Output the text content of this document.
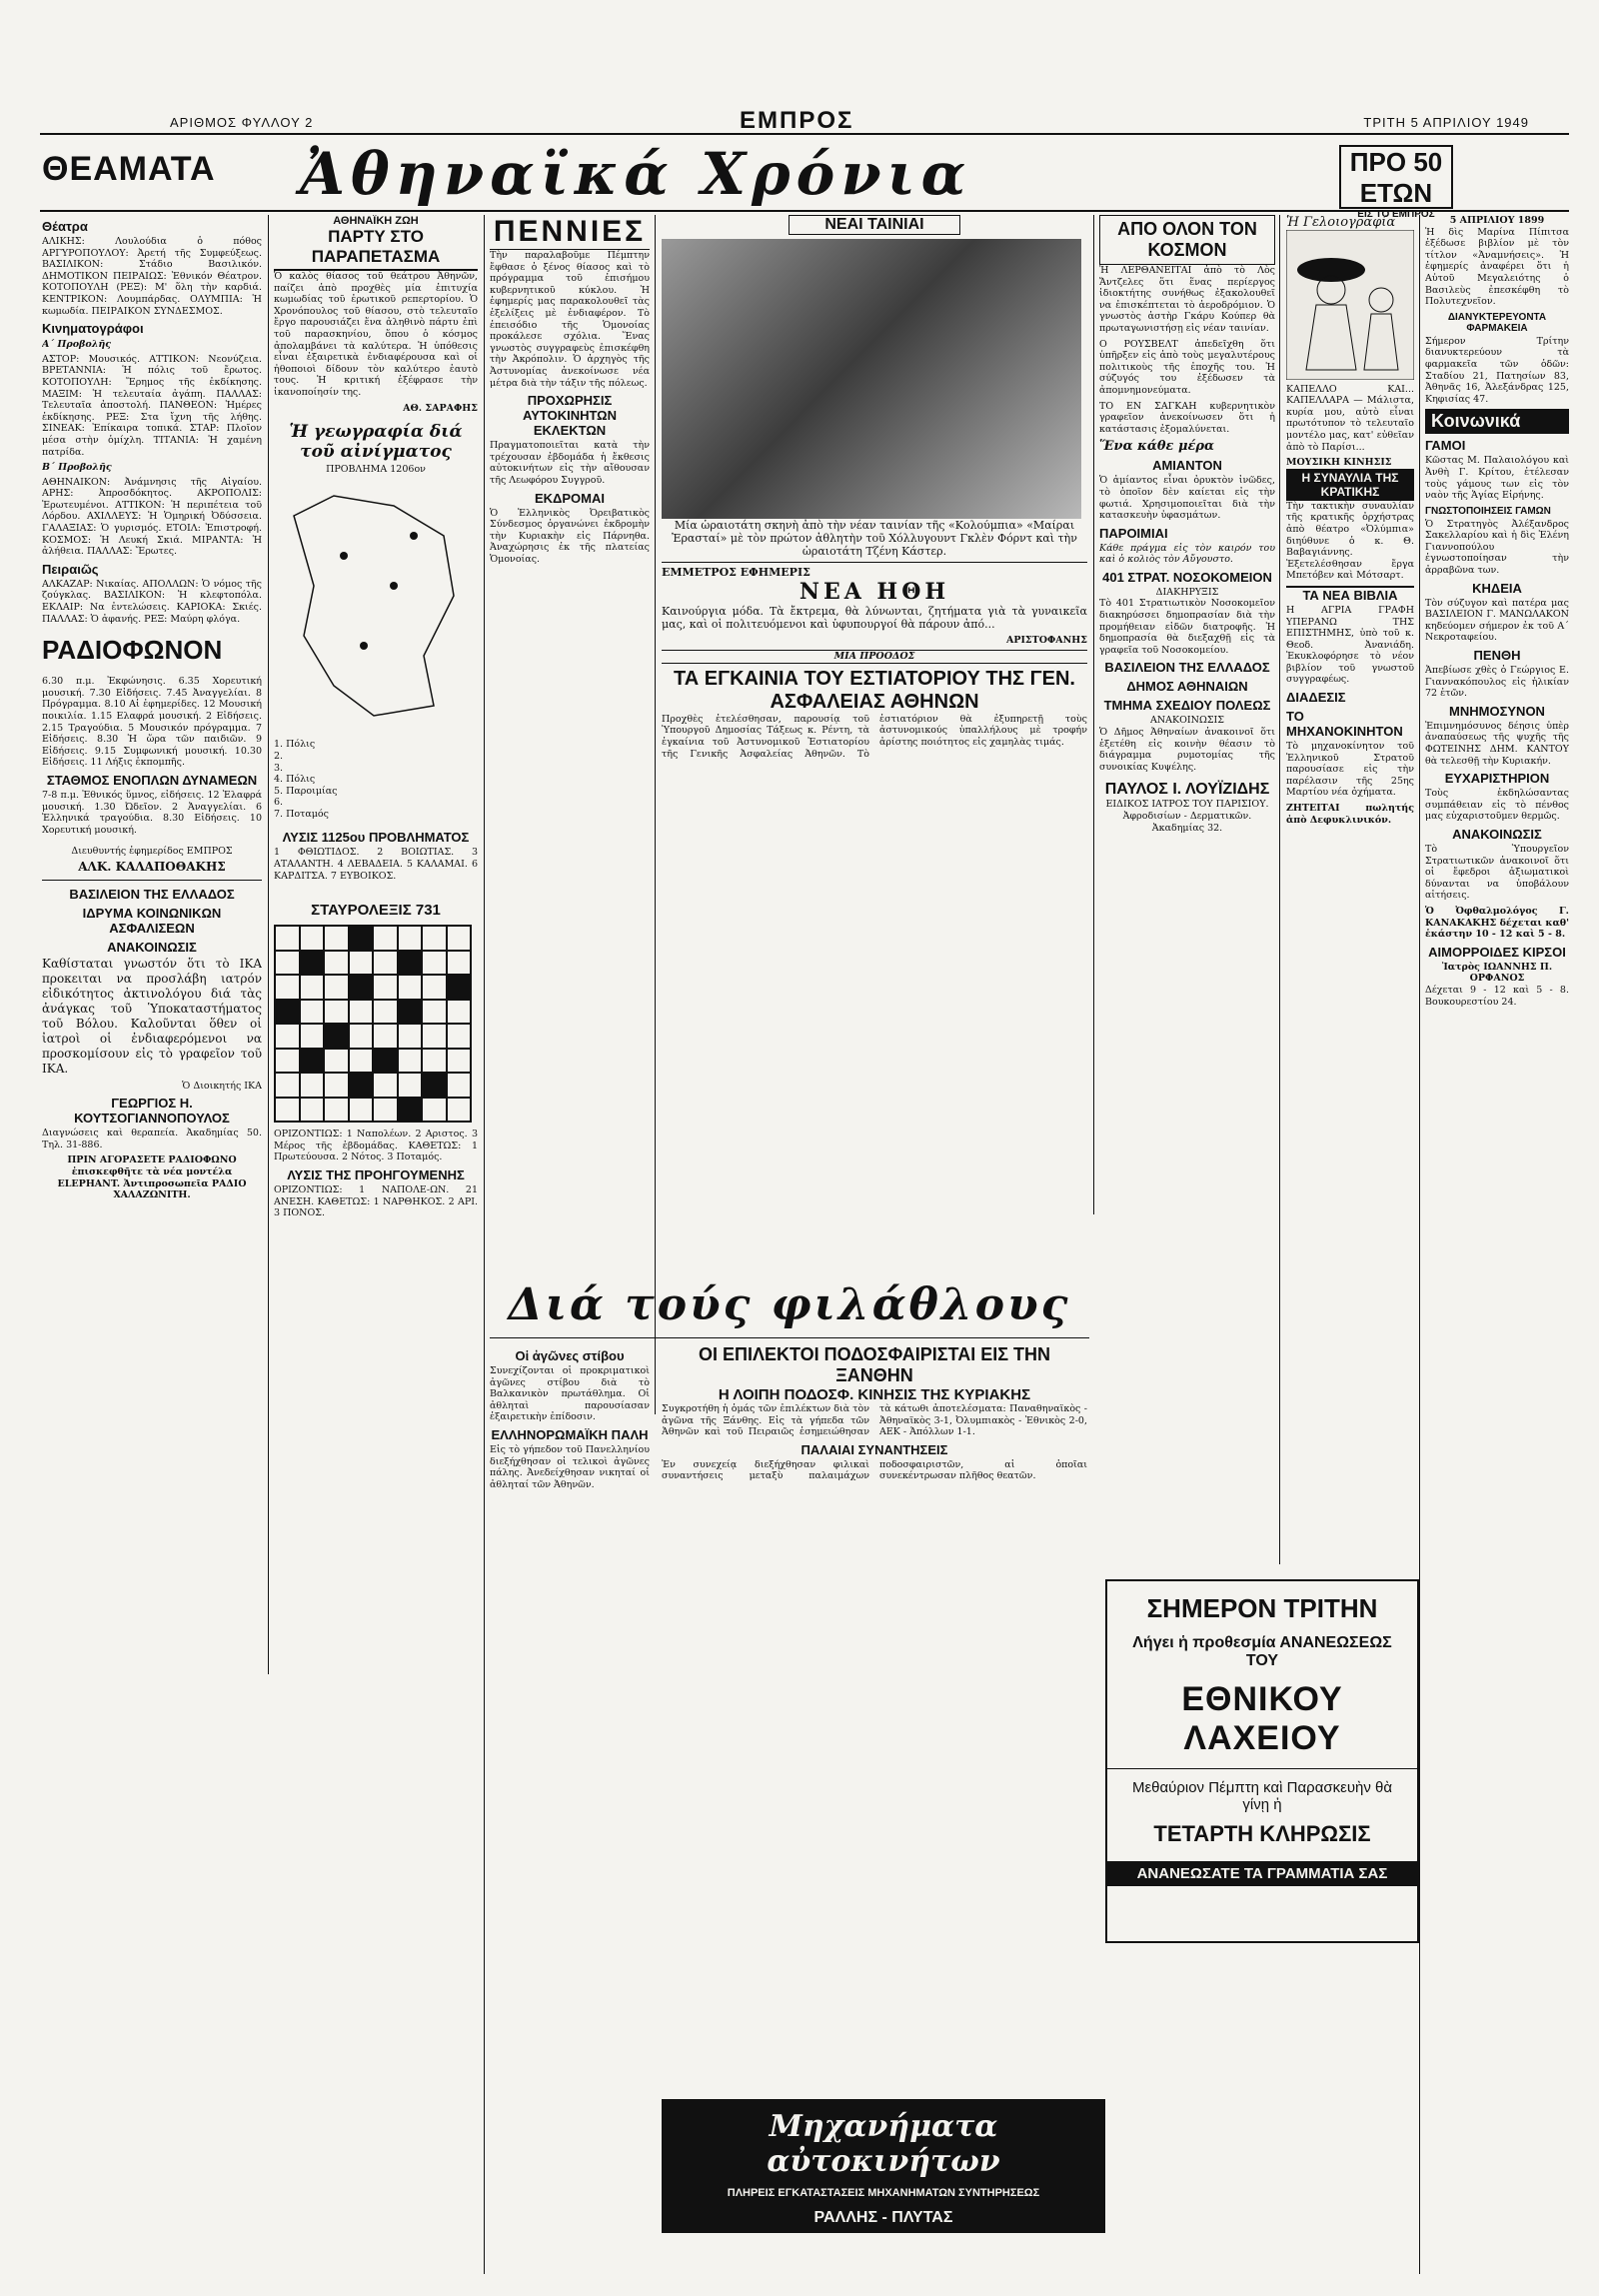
ΑΡΙΘΜΟΣ ΦΥΛΛΟΥ 2	ΕΜΠΡΟΣ	ΤΡΙΤΗ 5 ΑΠΡΙΛΙΟΥ 1949
ΘΕΑΜΑΤΑ Ἀθηναϊκά Χρόνια	ΠΡΟ 50 ΕΤΩΝ
ΕΙΣ ΤΟ ΕΜΠΡΟΣ
Θέατρα

ΑΛΙΚΗΣ: Λουλούδια ὁ πόθος ΑΡΓΥΡΟΠΟΥΛΟΥ: Ἀρετή τῆς Συμφεύξεως. ΒΑΣΙΛΙΚΟΝ: Στάδιο Βασιλικόν. ΔΗΜΟΤΙΚΟΝ ΠΕΙΡΑΙΩΣ: Ἐθνικόν Θέατρον. ΚΟΤΟΠΟΥΛΗ (ΡΕΞ): Μ' ὅλη τὴν καρδιά. ΚΕΝΤΡΙΚΟΝ: Λουμπάρδας. ΟΛΥΜΠΙΑ: Ἡ κωμωδία. ΠΕΙΡΑΙΚΟΝ ΣΥΝΔΕΣΜΟΣ.

Κινηματογράφοι
Α΄ Προβολῆς

ΑΣΤΟΡ: Μουσικός. ΑΤΤΙΚΟΝ: Νεονύζεια. ΒΡΕΤΑΝΝΙΑ: Ἡ πόλις τοῦ ἔρωτος. ΚΟΤΟΠΟΥΛΗ: Ἔρημος τῆς ἐκδίκησης. ΜΑΞΙΜ: Ἡ τελευταία ἀγάπη. ΠΑΛΛΑΣ: Τελευταῖα ἀποστολή. ΠΑΝΘΕΟΝ: Ἡμέρες ἐκδίκησης. ΡΕΞ: Στα ἴχνη τῆς λήθης. ΣΙΝΕΑΚ: Ἐπίκαιρα τοπικά. ΣΤΑΡ: Πλοῖον μέσα στὴν ὁμίχλη. ΤΙΤΑΝΙΑ: Ἡ χαμένη πατρίδα.

Β΄ Προβολῆς

ΑΘΗΝΑΙΚΟΝ: Ἀνάμνησις τῆς Αἰγαίου. ΑΡΗΣ: Ἀπροσδόκητος. ΑΚΡΟΠΟΛΙΣ: Ἐρωτευμένοι. ΑΤΤΙΚΟΝ: Ἡ περιπέτεια τοῦ Λόρδου. ΑΧΙΛΛΕΥΣ: Ἡ Ὁμηρική Ὀδύσσεια. ΓΑΛΑΞΙΑΣ: Ὁ γυρισμός. ΕΤΟΙΛ: Ἐπιστροφή. ΚΟΣΜΟΣ: Ἡ Λευκή Σκιά. ΜΙΡΑΝΤΑ: Ἡ ἀλήθεια. ΠΑΛΛΑΣ: Ἔρωτες.

Πειραιῶς

ΑΛΚΑΖΑΡ: Νικαίας. ΑΠΟΛΛΩΝ: Ὁ νόμος τῆς ζούγκλας. ΒΑΣΙΛΙΚΟΝ: Ἡ κλεφτοπόλα. ΕΚΛΑΙΡ: Να ἐντελώσεις. ΚΑΡΙΟΚΑ: Σκιές. ΠΑΛΛΑΣ: Ὁ ἀφανής. ΡΕΞ: Μαύρη φλόγα.

ΡΑΔΙΟΦΩΝΟΝ

6.30 π.μ. Ἐκφώνησις. 6.35 Χορευτική μουσική. 7.30 Εἰδήσεις. 7.45 Ἀναγγελίαι. 8 Πρόγραμμα. 8.10 Αἱ ἐφημερίδες. 12 Μουσική ποικιλία. 1.15 Ελαφρά μουσική. 2 Εἰδήσεις. 2.15 Τραγούδια. 5 Μουσικόν πρόγραμμα. 7 Εἰδήσεις. 8.30 Ἡ ὥρα τῶν παιδιῶν. 9 Εἰδήσεις. 9.15 Συμφωνική μουσική. 10.30 Εἰδήσεις. 11 Λήξις ἐκπομπῆς.

ΣΤΑΘΜΟΣ ΕΝΟΠΛΩΝ ΔΥΝΑΜΕΩΝ

7-8 π.μ. Ἐθνικός ὕμνος, εἰδήσεις. 12 Ἐλαφρά μουσική. 1.30 Ὠδεῖον. 2 Ἀναγγελίαι. 6 Ἑλληνικά τραγούδια. 8.30 Εἰδήσεις. 10 Χορευτική μουσική.

Διευθυντής ἐφημερίδος ΕΜΠΡΟΣ

ΑΛΚ. ΚΑΛΑΠΟΘΑΚΗΣ

ΒΑΣΙΛΕΙΟΝ ΤΗΣ ΕΛΛΑΔΟΣ
ΙΔΡΥΜΑ ΚΟΙΝΩΝΙΚΩΝ ΑΣΦΑΛΙΣΕΩΝ
ΑΝΑΚΟΙΝΩΣΙΣ

Καθίσταται γνωστόν ὅτι τὸ ΙΚΑ προκειται να προσλάβη ιατρόν εἰδικότητος ἀκτινολόγου διά τὰς ἀνάγκας τοῦ Ὑποκαταστήματος τοῦ Βόλου. Καλοῦνται ὅθεν οἱ ἰατροὶ οἱ ἐνδιαφερόμενοι να προσκομίσουν εἰς τὸ γραφεῖον τοῦ ΙΚΑ.

Ὁ Διοικητής ΙΚΑ

ΓΕΩΡΓΙΟΣ Η. ΚΟΥΤΣΟΓΙΑΝΝΟΠΟΥΛΟΣ

Διαγνώσεις καὶ θεραπεία. Ἀκαδημίας 50. Τηλ. 31-886.

ΠΡΙΝ ΑΓΟΡΑΣΕΤΕ ΡΑΔΙΟΦΩΝΟ ἐπισκεφθῆτε τὰ νέα μοντέλα ELEPHANT. Ἀντιπροσωπεῖα ΡΑΔΙΟ ΧΑΛΑΖΩΝΙΤΗ.

ΑΘΗΝΑΪΚΗ ΖΩΗ
ΠΑΡΤΥ ΣΤΟ ΠΑΡΑΠΕΤΑΣΜΑ

Ὁ καλὸς θίασος τοῦ θεάτρου Ἀθηνῶν, παίζει ἀπὸ προχθὲς μία ἐπιτυχία κωμωδίας τοῦ ἐρωτικοῦ ρεπερτορίου. Ὁ Χρονόπουλος τοῦ θίασου, στὸ τελευταῖο ἔργο παρουσιάζει ἕνα ἀληθινὸ πάρτυ ἐπὶ τοῦ παρασκηνίου, ὅπου ὁ κόσμος ἀπολαμβάνει τὰ καλύτερα. Ἡ ὑπόθεσις εἶναι ἐξαιρετικὰ ἐνδιαφέρουσα καὶ οἱ ἠθοποιοὶ δίδουν τὸν καλύτερο ἑαυτὸ τους. Ἡ κριτική ἐξέφρασε τὴν ἱκανοποίησίν της.

ΑΘ. ΣΑΡΑΦΗΣ

Ἡ γεωγραφία διά τοῦ αἰνίγματος
ΠΡΟΒΛΗΜΑ 1206ον
1. Πόλις
2.
3.
4. Πόλις
5. Παροιμίας
6.
7. Ποταμός
ΛΥΣΙΣ 1125ου ΠΡΟΒΛΗΜΑΤΟΣ

1 ΦΘΙΩΤΙΔΟΣ. 2 ΒΟΙΩΤΙΑΣ. 3 ΑΤΑΛΑΝΤΗ. 4 ΛΕΒΑΔΕΙΑ. 5 ΚΑΛΑΜΑΙ. 6 ΚΑΡΔΙΤΣΑ. 7 ΕΥΒΟΙΚΟΣ.

ΣΤΑΥΡΟΛΕΞΙΣ 731

ΟΡΙΖΟΝΤΙΩΣ: 1 Ναπολέων. 2 Αριστος. 3 Μέρος τῆς ἑβδομάδας. ΚΑΘΕΤΩΣ: 1 Πρωτεύουσα. 2 Νότος. 3 Ποταμός.

ΛΥΣΙΣ ΤΗΣ ΠΡΟΗΓΟΥΜΕΝΗΣ

ΟΡΙΖΟΝΤΙΩΣ: 1 ΝΑΠΟΛΕ-ΩΝ. 21 ΑΝΕΣΗ. ΚΑΘΕΤΩΣ: 1 ΝΑΡΘΗΚΟΣ. 2 ΑΡΙ. 3 ΠΟΝΟΣ.

ΠΕΝΝΙΕΣ

Τὴν παραλαβοῦμε Πέμπτην ἔφθασε ὁ ξένος θίασος καὶ τὸ πρόγραμμα τοῦ ἐπισήμου κυβερνητικοῦ κύκλου. Ἡ ἐφημερίς μας παρακολουθεῖ τὰς ἐξελίξεις μὲ ἐνδιαφέρον. Τὸ ἐπεισόδιο τῆς Ὁμονοίας προκάλεσε σχόλια. Ἕνας γνωστὸς συγγραφεὺς ἐπισκέφθη τὴν Ἀκρόπολιν. Ὁ ἀρχηγὸς τῆς Ἀστυνομίας ἀνεκοίνωσε νέα μέτρα διὰ τὴν τάξιν τῆς πόλεως.

ΠΡΟΧΩΡΗΣΙΣ ΑΥΤΟΚΙΝΗΤΩΝ ΕΚΛΕΚΤΩΝ

Πραγματοποιεῖται κατὰ τὴν τρέχουσαν ἑβδομάδα ἡ ἔκθεσις αὐτοκινήτων εἰς τὴν αἴθουσαν τῆς Λεωφόρου Συγγροῦ.

ΕΚΔΡΟΜΑΙ

Ὁ Ἑλληνικὸς Ὀρειβατικὸς Σύνδεσμος ὀργανώνει ἐκδρομὴν τὴν Κυριακὴν εἰς Πάρνηθα. Ἀναχώρησις ἐκ τῆς πλατείας Ὁμονοίας.

Διά τούς φιλάθλους
Οἱ ἀγῶνες στίβου

Συνεχίζονται οἱ προκριματικοὶ ἀγῶνες στίβου διὰ τὸ Βαλκανικὸν πρωτάθλημα. Οἱ ἀθληταὶ παρουσίασαν ἐξαιρετικὴν ἐπίδοσιν.

ΕΛΛΗΝΟΡΩΜΑΪΚΗ ΠΑΛΗ

Εἰς τὸ γήπεδον τοῦ Πανελληνίου διεξήχθησαν οἱ τελικοὶ ἀγῶνες πάλης. Ἀνεδείχθησαν νικηταί οἱ ἀθληταί τῶν Ἀθηνῶν.

ΝΕΑΙ ΤΑΙΝΙΑΙ

Μία ὡραιοτάτη σκηνὴ ἀπὸ τὴν νέαν ταινίαν τῆς «Κολούμπια» «Μαίραι Ἐρασταί» μὲ τὸν πρώτον ἀθλητὴν τοῦ Χόλλυγουντ Γκλὲν Φόρντ καὶ τὴν ὡραιοτάτη Τζένη Κάστερ.

ΕΜΜΕΤΡΟΣ ΕΦΗΜΕΡΙΣ
ΝΕΑ ΗΘΗ

Καινούργια μόδα. Τὰ ἔκτρεμα, θὰ λύνωνται, ζητήματα γιὰ τὰ γυναικεῖα μας, καὶ οἱ πολιτευόμενοι καὶ ὑφυπουργοί θὰ πάρουν ἀπό...

ΑΡΙΣΤΟΦΑΝΗΣ

ΜΙΑ ΠΡΟΟΔΟΣ
ΤΑ ΕΓΚΑΙΝΙΑ ΤΟΥ ΕΣΤΙΑΤΟΡΙΟΥ ΤΗΣ ΓΕΝ. ΑΣΦΑΛΕΙΑΣ ΑΘΗΝΩΝ

Προχθὲς ἐτελέσθησαν, παρουσίᾳ τοῦ Ὑπουργοῦ Δημοσίας Τάξεως κ. Ρέντη, τὰ ἐγκαίνια τοῦ Ἀστυνομικοῦ Ἐστιατορίου τῆς Γενικῆς Ἀσφαλείας Ἀθηνῶν. Τὸ ἐστιατόριον θὰ ἐξυπηρετῇ τοὺς ἀστυνομικούς ὑπαλλήλους μὲ τροφήν ἀρίστης ποιότητος εἰς χαμηλὰς τιμάς.

ΟΙ ΕΠΙΛΕΚΤΟΙ ΠΟΔΟΣΦΑΙΡΙΣΤΑΙ ΕΙΣ ΤΗΝ ΞΑΝΘΗΝ
Η ΛΟΙΠΗ ΠΟΔΟΣΦ. ΚΙΝΗΣΙΣ ΤΗΣ ΚΥΡΙΑΚΗΣ

Συγκροτήθη ἡ ὁμάς τῶν ἐπιλέκτων διὰ τὸν ἀγῶνα τῆς Ξάνθης. Εἰς τὰ γήπεδα τῶν Ἀθηνῶν καὶ τοῦ Πειραιῶς ἐσημειώθησαν τὰ κάτωθι ἀποτελέσματα: Παναθηναϊκὸς - Ἀθηναϊκὸς 3-1, Ὀλυμπιακὸς - Ἐθνικὸς 2-0, ΑΕΚ - Ἀπόλλων 1-1.

ΠΑΛΑΙΑΙ ΣΥΝΑΝΤΗΣΕΙΣ

Ἐν συνεχείᾳ διεξήχθησαν φιλικαὶ συναντήσεις μεταξὺ παλαιμάχων ποδοσφαιριστῶν, αἱ ὁποῖαι συνεκέντρωσαν πλῆθος θεατῶν.

Μηχανήματα αὐτοκινήτων
ΠΛΗΡΕΙΣ ΕΓΚΑΤΑΣΤΑΣΕΙΣ ΜΗΧΑΝΗΜΑΤΩΝ ΣΥΝΤΗΡΗΣΕΩΣ
ΡΑΛΛΗΣ - ΠΛΥΤΑΣ
ΑΠΟ ΟΛΟΝ ΤΟΝ ΚΟΣΜΟΝ

Ἠ ΛΕΡΘΑΝΕΙΤΑΙ ἀπὸ τὸ Λὸς Ἄντζελες ὅτι ἕνας περίεργος ἰδιοκτήτης συνήθως ἐξακολουθεῖ να ἐπισκέπτεται τὸ ἀεροδρόμιον. Ὁ γνωστὸς ἀστὴρ Γκάρυ Κούπερ θὰ πρωταγωνιστήσῃ εἰς νέαν ταινίαν.

Ο ΡΟΥΣΒΕΛΤ ἀπεδεῖχθη ὅτι ὑπῆρξεν εἰς ἀπὸ τοὺς μεγαλυτέρους πολιτικοὺς τῆς ἐποχῆς του. Ἡ σύζυγός του ἐξέδωσεν τὰ ἀπομνημονεύματα.

ΤΟ ΕΝ ΣΑΓΚΑΗ κυβερνητικὸν γραφεῖον ἀνεκοίνωσεν ὅτι ἡ κατάστασις ἐξομαλύνεται.

Ἕνα κάθε μέρα
ΑΜΙΑΝΤΟΝ

Ὁ ἀμίαντος εἶναι ὀρυκτὸν ἰνῶδες, τὸ ὁποῖον δὲν καίεται εἰς τὴν φωτιά. Χρησιμοποιεῖται διὰ τὴν κατασκευὴν ὑφασμάτων.

ΠΑΡΟΙΜΙΑΙ

Κάθε πράγμα εἰς τὸν καιρόν του καὶ ὁ κολιὸς τὸν Αὔγουστο.

401 ΣΤΡΑΤ. ΝΟΣΟΚΟΜΕΙΟΝ
ΔΙΑΚΗΡΥΞΙΣ

Τὸ 401 Στρατιωτικὸν Νοσοκομεῖον διακηρύσσει δημοπρασίαν διὰ τὴν προμήθειαν εἰδῶν διατροφῆς. Ἡ δημοπρασία θὰ διεξαχθῇ εἰς τὰ γραφεῖα τοῦ Νοσοκομείου.

ΒΑΣΙΛΕΙΟΝ ΤΗΣ ΕΛΛΑΔΟΣ
ΔΗΜΟΣ ΑΘΗΝΑΙΩΝ
ΤΜΗΜΑ ΣΧΕΔΙΟΥ ΠΟΛΕΩΣ
ΑΝΑΚΟΙΝΩΣΙΣ

Ὁ Δῆμος Ἀθηναίων ἀνακοινοῖ ὅτι ἐξετέθη εἰς κοινὴν θέασιν τὸ διάγραμμα ρυμοτομίας τῆς συνοικίας Κυψέλης.

ΠΑΥΛΟΣ Ι. ΛΟΥΪΖΙΔΗΣ

ΕΙΔΙΚΟΣ ΙΑΤΡΟΣ ΤΟΥ ΠΑΡΙΣΙΟΥ. Ἀφροδισίων - Δερματικῶν. Ἀκαδημίας 32.

Ἡ Γελοιογραφία

ΚΑΠΕΛΛΟ ΚΑΙ... ΚΑΠΕΛΛΑΡΑ — Μάλιστα, κυρία μου, αὐτὸ εἶναι πρωτότυπον τὸ τελευταῖο μοντέλο μας, κατ' εὐθεῖαν ἀπὸ τὸ Παρίσι...

ΜΟΥΣΙΚΗ ΚΙΝΗΣΙΣ
Η ΣΥΝΑΥΛΙΑ ΤΗΣ ΚΡΑΤΙΚΗΣ

Τὴν τακτικὴν συναυλίαν τῆς κρατικῆς ὀρχήστρας ἀπὸ θέατρο «Ὀλύμπια» διηύθυνε ὁ κ. Θ. Βαβαγιάννης. Ἐξετελέσθησαν ἔργα Μπετόβεν καὶ Μότσαρτ.

ΤΑ ΝΕΑ ΒΙΒΛΙΑ

Η ΑΓΡΙΑ ΓΡΑΦΗ ΥΠΕΡΑΝΩ ΤΗΣ ΕΠΙΣΤΗΜΗΣ, ὑπὸ τοῦ κ. Θεοδ. Ἀνανιάδη. Ἐκυκλοφόρησε τὸ νέον βιβλίον τοῦ γνωστοῦ συγγραφέως.

ΔΙΑΔΕΣΙΣ
ΤΟ ΜΗΧΑΝΟΚΙΝΗΤΟΝ

Τὸ μηχανοκίνητον τοῦ Ἑλληνικοῦ Στρατοῦ παρουσίασε εἰς τὴν παρέλασιν τῆς 25ης Μαρτίου νέα ὀχήματα.

ΖΗΤΕΙΤΑΙ πωλητής ἀπὸ Δεφυκλινικόν.

5 ΑΠΡΙΛΙΟΥ 1899

Ἡ δὶς Μαρίνα Πίπιτσα ἐξέδωσε βιβλίον μὲ τὸν τίτλον «Ἀναμνήσεις». Ἡ ἐφημερίς ἀναφέρει ὅτι ἡ Αὐτοῦ Μεγαλειότης ὁ Βασιλεὺς ἐπεσκέφθη τὸ Πολυτεχνεῖον.

ΔΙΑΝΥΚΤΕΡΕΥΟΝΤΑ ΦΑΡΜΑΚΕΙΑ

Σήμερον Τρίτην διανυκτερεύουν τὰ φαρμακεῖα τῶν ὁδῶν: Σταδίου 21, Πατησίων 83, Ἀθηνᾶς 16, Ἀλεξάνδρας 125, Κηφισίας 47.

Κοινωνικά
ΓΑΜΟΙ

Κῶστας Μ. Παλαιολόγου καὶ Ἀνθὴ Γ. Κρίτου, ἐτέλεσαν τοὺς γάμους των εἰς τὸν ναὸν τῆς Ἁγίας Εἰρήνης.

ΓΝΩΣΤΟΠΟΙΗΣΕΙΣ ΓΑΜΩΝ

Ὁ Στρατηγὸς Ἀλέξανδρος Σακελλαρίου καὶ ἡ δὶς Ἑλένη Γιαννοπούλου ἐγνωστοποίησαν τὴν ἀρραβῶνα των.

ΚΗΔΕΙΑ

Τὸν σύζυγον καὶ πατέρα μας ΒΑΣΙΛΕΙΟΝ Γ. ΜΑΝΩΛΑΚΟΝ κηδεύομεν σήμερον ἐκ τοῦ Α΄ Νεκροταφείου.

ΠΕΝΘΗ

Ἀπεβίωσε χθὲς ὁ Γεώργιος Ε. Γιαννακόπουλος εἰς ἡλικίαν 72 ἐτῶν.

ΜΝΗΜΟΣΥΝΟΝ

Ἐπιμνημόσυνος δέησις ὑπὲρ ἀναπαύσεως τῆς ψυχῆς τῆς ΦΩΤΕΙΝΗΣ ΔΗΜ. ΚΑΝΤΟΥ θὰ τελεσθῇ τὴν Κυριακήν.

ΕΥΧΑΡΙΣΤΗΡΙΟΝ

Τοὺς ἐκδηλώσαντας συμπάθειαν εἰς τὸ πένθος μας εὐχαριστοῦμεν θερμῶς.

ΑΝΑΚΟΙΝΩΣΙΣ

Τὸ Ὑπουργεῖον Στρατιωτικῶν ἀνακοινοῖ ὅτι οἱ ἔφεδροι ἀξιωματικοὶ δύνανται να ὑποβάλουν αἰτήσεις.

Ὁ Ὀφθαλμολόγος Γ. ΚΑΝΑΚΑΚΗΣ δέχεται καθ' ἑκάστην 10 - 12 καὶ 5 - 8.

ΑΙΜΟΡΡΟΙΔΕΣ ΚΙΡΣΟΙ
Ἰατρὸς ΙΩΑΝΝΗΣ Π. ΟΡΦΑΝΟΣ

Δέχεται 9 - 12 καὶ 5 - 8. Βουκουρεστίου 24.

ΣΗΜΕΡΟΝ ΤΡΙΤΗΝ
Λήγει ἡ προθεσμία ΑΝΑΝΕΩΣΕΩΣ ΤΟΥ
ΕΘΝΙΚΟΥ ΛΑΧΕΙΟΥ
Μεθαύριον Πέμπτη καὶ Παρασκευὴν θὰ γίνῃ ἡ
ΤΕΤΑΡΤΗ ΚΛΗΡΩΣΙΣ
ΑΝΑΝΕΩΣΑΤΕ ΤΑ ΓΡΑΜΜΑΤΙΑ ΣΑΣ
